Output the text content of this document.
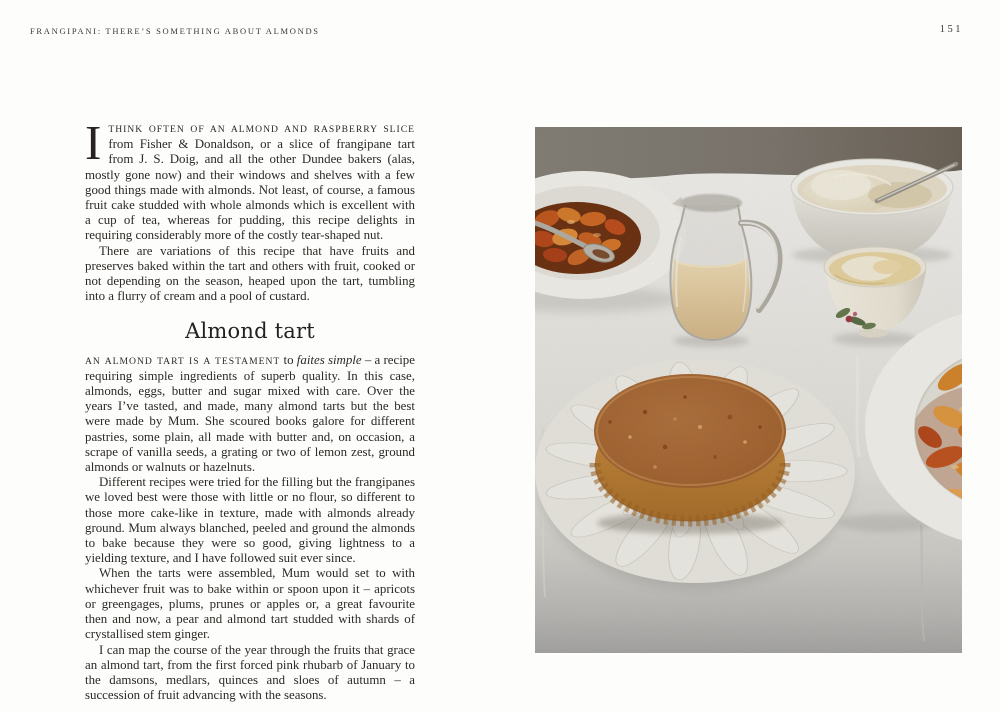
FRANGIPANI: THERE’S SOMETHING ABOUT ALMONDS	151

ITHINK OFTEN OF AN ALMOND AND RASPBERRY SLICE from Fisher & Donaldson, or a slice of frangipane tart from J. S. Doig, and all the other Dundee bakers (alas, mostly gone now) and their windows and shelves with a few good things made with almonds. Not least, of course, a famous fruit cake studded with whole almonds which is excellent with a cup of tea, whereas for pudding, this recipe delights in requiring considerably more of the costly tear-shaped nut.

There are variations of this recipe that have fruits and preserves baked within the tart and others with fruit, cooked or not depending on the season, heaped upon the tart, tumbling into a flurry of cream and a pool of custard.

Almond tart

AN ALMOND TART IS A TESTAMENT to faites simple – a recipe requiring simple ingredients of superb quality. In this case, almonds, eggs, butter and sugar mixed with care. Over the years I’ve tasted, and made, many almond tarts but the best were made by Mum. She scoured books galore for different pastries, some plain, all made with butter and, on occasion, a scrape of vanilla seeds, a grating or two of lemon zest, ground almonds or walnuts or hazelnuts.

Different recipes were tried for the filling but the frangipanes we loved best were those with little or no flour, so different to those more cake-like in texture, made with almonds already ground. Mum always blanched, peeled and ground the almonds to bake because they were so good, giving lightness to a yielding texture, and I have followed suit ever since.

When the tarts were assembled, Mum would set to with whichever fruit was to bake within or spoon upon it – apricots or greengages, plums, prunes or apples or, a great favourite then and now, a pear and almond tart studded with shards of crystallised stem ginger.

I can map the course of the year through the fruits that grace an almond tart, from the first forced pink rhubarb of January to the damsons, medlars, quinces and sloes of autumn – a succession of fruit advancing with the seasons.
